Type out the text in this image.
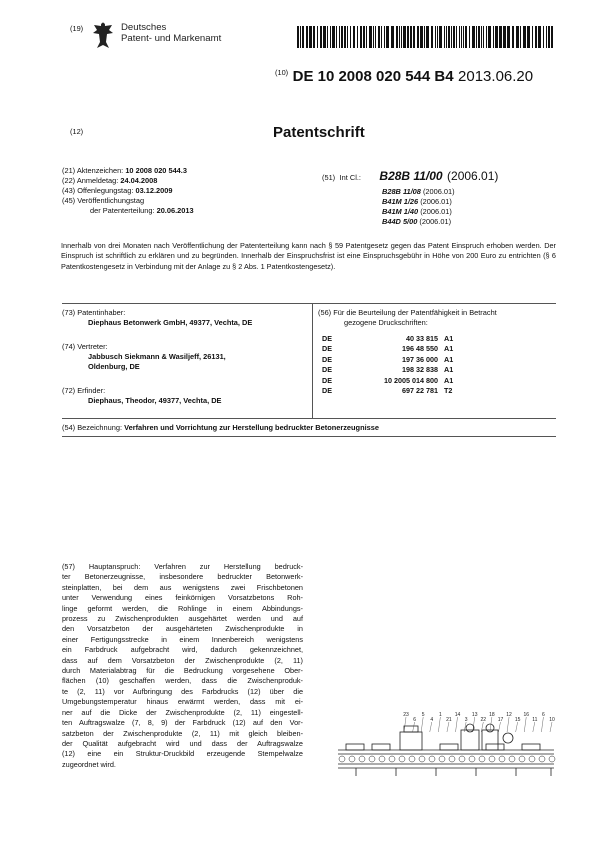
(19)	Deutsches
Patent- und Markenamt
$^{(10)}$ DE 10 2008 020 544 B4 2013.06.20
(12)	Patentschrift
(21) Aktenzeichen: 10 2008 020 544.3
(22) Anmeldetag: 24.04.2008
(43) Offenlegungstag: 03.12.2009
(45) Veröffentlichungstag
der Patenterteilung: 20.06.2013
(51) Int Cl.: B28B 11/00 (2006.01)
B28B 11/08 (2006.01)
B41M 1/26 (2006.01)
B41M 1/40 (2006.01)
B44D 5/00 (2006.01)

Innerhalb von drei Monaten nach Veröffentlichung der Patenterteilung kann nach § 59 Patentgesetz gegen das Patent Einspruch erhoben werden. Der Einspruch ist schriftlich zu erklären und zu begründen. Innerhalb der Einspruchsfrist ist eine Einspruchsgebühr in Höhe von 200 Euro zu entrichten (§ 6 Patentkostengesetz in Verbindung mit der Anlage zu § 2 Abs. 1 Patentkostengesetz).

(73) Patentinhaber:
Diephaus Betonwerk GmbH, 49377, Vechta, DE
(74) Vertreter:
Jabbusch Siekmann & Wasiljeff, 26131,
Oldenburg, DE
(72) Erfinder:
Diephaus, Theodor, 49377, Vechta, DE
(56) Für die Beurteilung der Patentfähigkeit in Betracht
gezogene Druckschriften:
DE	40 33 815 A1
DE	196 48 550 A1
DE	197 36 000 A1
DE	198 32 838 A1
DE	10 2005 014 800 A1
DE	697 22 781 T2
(54) Bezeichnung: Verfahren und Vorrichtung zur Herstellung bedruckter Betonerzeugnisse
(57) Hauptanspruch: Verfahren zur Herstellung bedruck-
ter Betonerzeugnisse, insbesondere bedruckter Betonwerk-
steinplatten, bei dem aus wenigstens zwei Frischbetonen
unter Verwendung eines feinkörnigen Vorsatzbetons Roh-
linge geformt werden, die Rohlinge in einem Abbindungs-
prozess zu Zwischenprodukten ausgehärtet werden und auf
den Vorsatzbeton der ausgehärteten Zwischenprodukte in
einer Fertigungsstrecke in einem Innenbereich wenigstens
ein Farbdruck aufgebracht wird, dadurch gekennzeichnet,
dass auf dem Vorsatzbeton der Zwischenprodukte (2, 11)
durch Materialabtrag für die Bedruckung vorgesehene Ober-
flächen (10) geschaffen werden, dass die Zwischenproduk-
te (2, 11) vor Aufbringung des Farbdrucks (12) über die
Umgebungstemperatur hinaus erwärmt werden, dass mit ei-
ner auf die Dicke der Zwischenprodukte (2, 11) eingestell-
ten Auftragswalze (7, 8, 9) der Farbdruck (12) auf den Vor-
satzbeton der Zwischenprodukte (2, 11) mit gleich bleiben-
der Qualität aufgebracht wird und dass der Auftragswalze
(12) eine ein Struktur-Druckbild erzeugende Stempelwalze
zugeordnet wird.
23
6
5
4
1
21
14
3
13
22
18
17
12
15
16
11
6
10
